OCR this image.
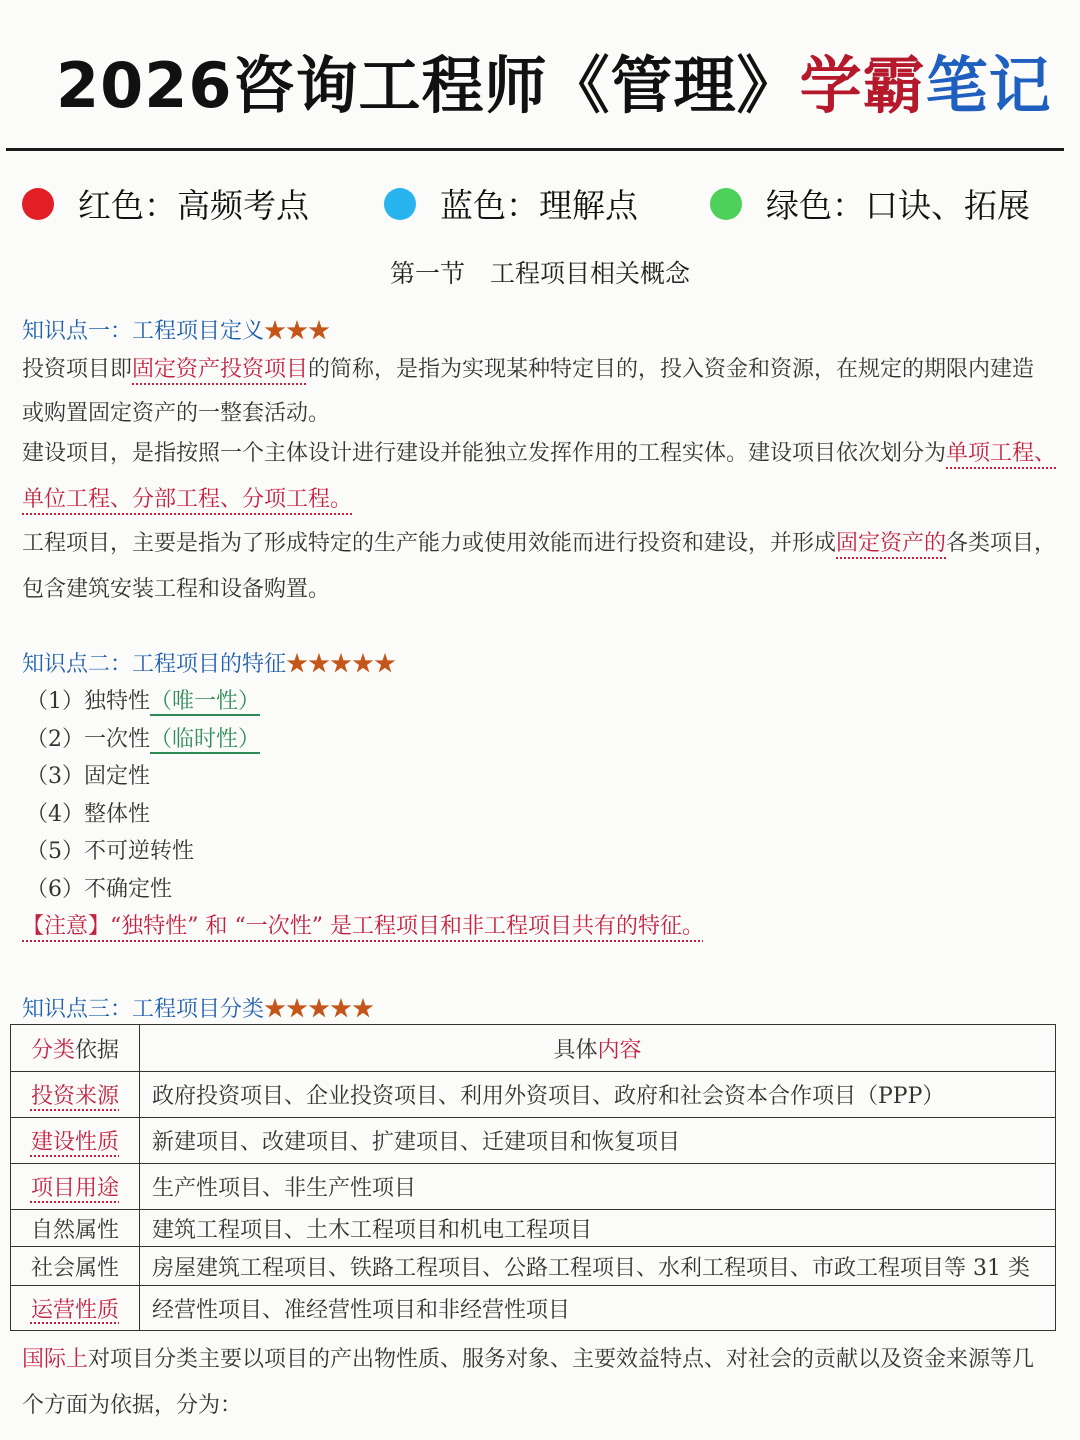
2026咨询工程师《管理》学霸笔记
红色：高频考点	蓝色：理解点	绿色：口诀、拓展
第一节　工程项目相关概念
知识点一：工程项目定义★★★
投资项目即固定资产投资项目的简称，是指为实现某种特定目的，投入资金和资源，在规定的期限内建造
或购置固定资产的一整套活动。
建设项目，是指按照一个主体设计进行建设并能独立发挥作用的工程实体。建设项目依次划分为单项工程、
单位工程、分部工程、分项工程。
工程项目，主要是指为了形成特定的生产能力或使用效能而进行投资和建设，并形成固定资产的各类项目，
包含建筑安装工程和设备购置。
知识点二：工程项目的特征★★★★★
（1）独特性（唯一性）
（2）一次性（临时性）
（3）固定性
（4）整体性
（5）不可逆转性
（6）不确定性
【注意】“独特性” 和 “一次性” 是工程项目和非工程项目共有的特征。
知识点三：工程项目分类★★★★★
分类依据	具体内容
投资来源	政府投资项目、企业投资项目、利用外资项目、政府和社会资本合作项目（PPP）
建设性质	新建项目、改建项目、扩建项目、迁建项目和恢复项目
项目用途	生产性项目、非生产性项目
自然属性	建筑工程项目、土木工程项目和机电工程项目
社会属性	房屋建筑工程项目、铁路工程项目、公路工程项目、水利工程项目、市政工程项目等 31 类
运营性质	经营性项目、准经营性项目和非经营性项目
国际上对项目分类主要以项目的产出物性质、服务对象、主要效益特点、对社会的贡献以及资金来源等几
个方面为依据，分为：
